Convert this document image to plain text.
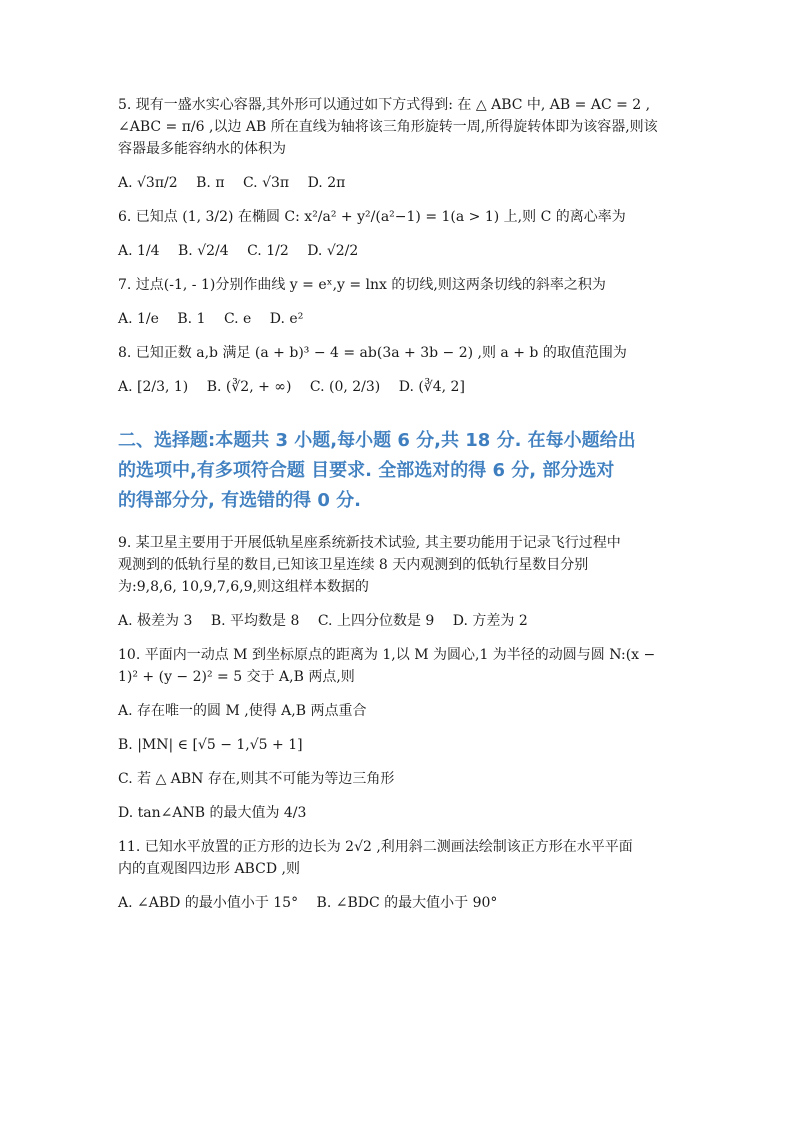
5. 现有一盛水实心容器,其外形可以通过如下方式得到: 在 △ ABC 中, AB = AC = 2 ,

∠ABC = π/6 ,以边 AB 所在直线为轴将该三角形旋转一周,所得旋转体即为该容器,则该

容器最多能容纳水的体积为

A. √3π/2 B. π C. √3π D. 2π

6. 已知点 (1, 3/2) 在椭圆 C: x²/a² + y²/(a²−1) = 1(a > 1) 上,则 C 的离心率为

A. 1/4 B. √2/4 C. 1/2 D. √2/2

7. 过点(-1, - 1)分别作曲线 y = eˣ,y = lnx 的切线,则这两条切线的斜率之积为

A. 1/e B. 1 C. e D. e²

8. 已知正数 a,b 满足 (a + b)³ − 4 = ab(3a + 3b − 2) ,则 a + b 的取值范围为

A. [2/3, 1) B. (∛2, + ∞) C. (0, 2/3) D. (∛4, 2]
二、选择题:本题共 3 小题,每小题 6 分,共 18 分. 在每小题给出
的选项中,有多项符合题 目要求. 全部选对的得 6 分, 部分选对
的得部分分, 有选错的得 0 分.

9. 某卫星主要用于开展低轨星座系统新技术试验, 其主要功能用于记录飞行过程中

观测到的低轨行星的数目,已知该卫星连续 8 天内观测到的低轨行星数目分别

为:9,8,6, 10,9,7,6,9,则这组样本数据的

A. 极差为 3 B. 平均数是 8 C. 上四分位数是 9 D. 方差为 2

10. 平面内一动点 M 到坐标原点的距离为 1,以 M 为圆心,1 为半径的动圆与圆 N:(x −

1)² + (y − 2)² = 5 交于 A,B 两点,则

A. 存在唯一的圆 M ,使得 A,B 两点重合
B. |MN| ∈ [√5 − 1,√5 + 1]
C. 若 △ ABN 存在,则其不可能为等边三角形
D. tan∠ANB 的最大值为 4/3

11. 已知水平放置的正方形的边长为 2√2 ,利用斜二测画法绘制该正方形在水平平面

内的直观图四边形 ABCD ,则

A. ∠ABD 的最小值小于 15° B. ∠BDC 的最大值小于 90°
